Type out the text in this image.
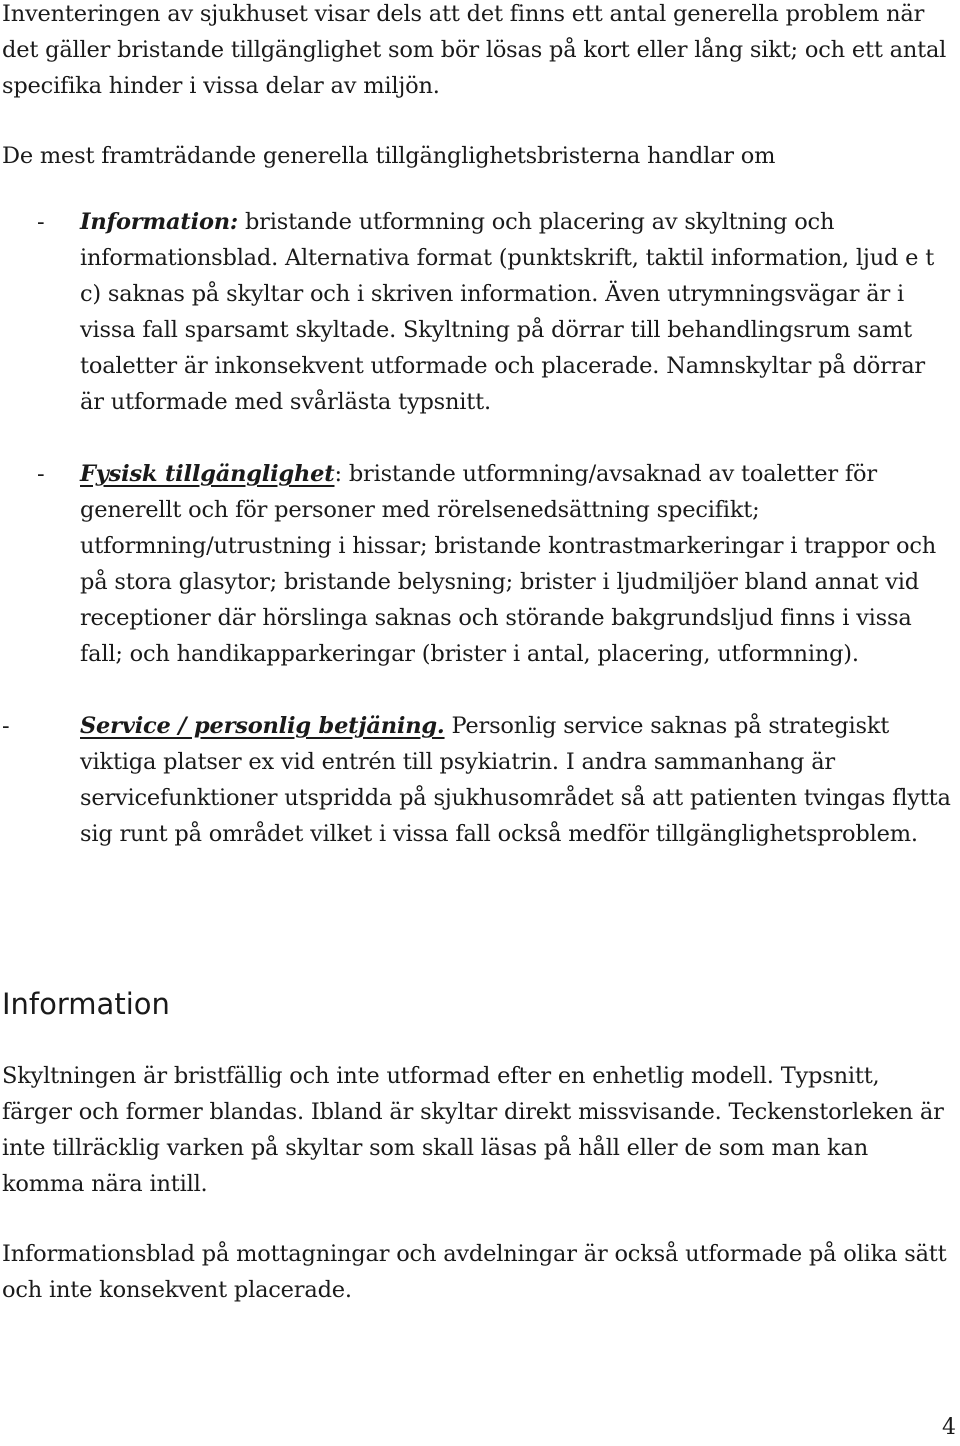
Inventeringen av sjukhuset visar dels att det finns ett antal generella problem när det gäller bristande tillgänglighet som bör lösas på kort eller lång sikt; och ett antal specifika hinder i vissa delar av miljön.

De mest framträdande generella tillgänglighetsbristerna handlar om

- Information: bristande utformning och placering av skyltning och informationsblad. Alternativa format (punktskrift, taktil information, ljud e t c) saknas på skyltar och i skriven information. Även utrymningsvägar är i vissa fall sparsamt skyltade. Skyltning på dörrar till behandlingsrum samt toaletter är inkonsekvent utformade och placerade. Namnskyltar på dörrar är utformade med svårlästa typsnitt.

- Fysisk tillgänglighet: bristande utformning/avsaknad av toaletter för generellt och för personer med rörelsenedsättning specifikt; utformning/utrustning i hissar; bristande kontrastmarkeringar i trappor och på stora glasytor; bristande belysning; brister i ljudmiljöer bland annat vid receptioner där hörslinga saknas och störande bakgrundsljud finns i vissa fall; och handikapparkeringar (brister i antal, placering, utformning).

-	Service / personlig betjäning. Personlig service saknas på strategiskt viktiga platser ex vid entrén till psykiatrin. I andra sammanhang är servicefunktioner utspridda på sjukhusområdet så att patienten tvingas flytta sig runt på området vilket i vissa fall också medför tillgänglighetsproblem.

Information

Skyltningen är bristfällig och inte utformad efter en enhetlig modell. Typsnitt, färger och former blandas. Ibland är skyltar direkt missvisande. Teckenstorleken är inte tillräcklig varken på skyltar som skall läsas på håll eller de som man kan komma nära intill.

Informationsblad på mottagningar och avdelningar är också utformade på olika sätt och inte konsekvent placerade.

4
